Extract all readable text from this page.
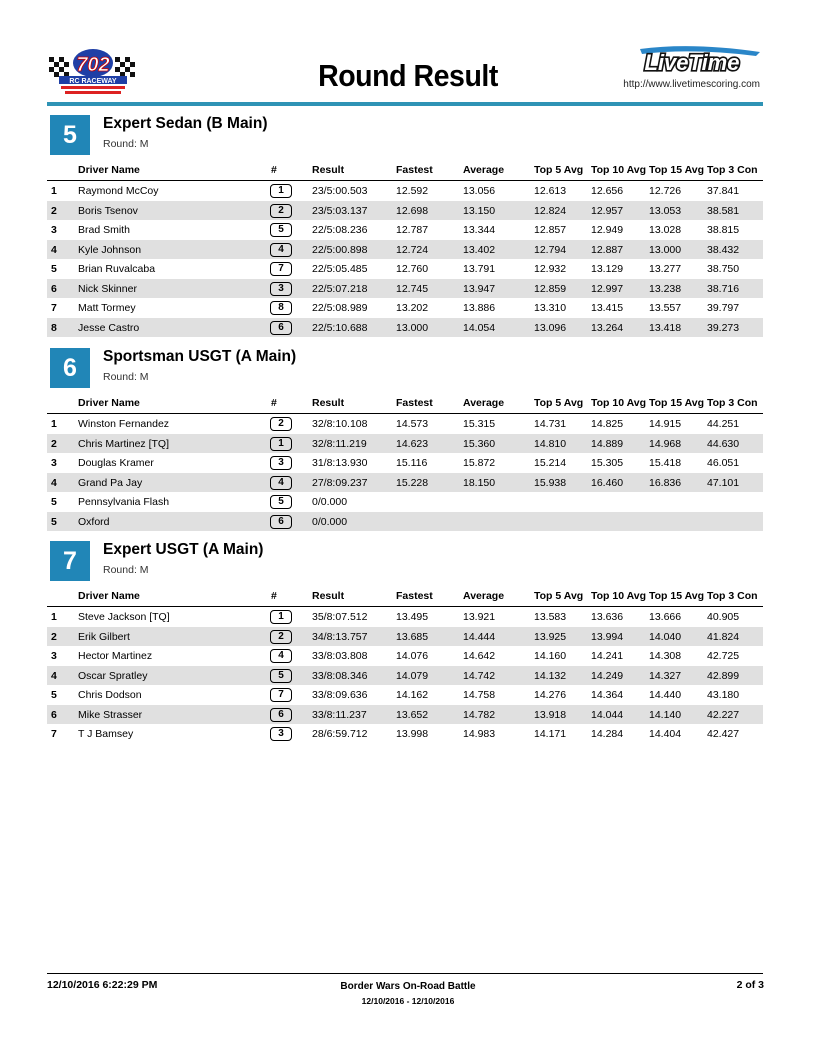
702
RC RACEWAY	Round Result	LiveTime
http://www.livetimescoring.com
5	Expert Sedan (B Main)
Round: M
Driver Name	#	Result	Fastest	Average	Top 5 Avg Top 10 Avg Top 15 Avg Top 3 Con
1 Raymond McCoy	1	23/5:00.503	12.592	13.056	12.613 12.656 12.726 37.841
2 Boris Tsenov	2	23/5:03.137	12.698	13.150	12.824 12.957 13.053 38.581
3 Brad Smith	5	22/5:08.236	12.787	13.344	12.857 12.949 13.028 38.815
4 Kyle Johnson	4	22/5:00.898	12.724	13.402	12.794 12.887 13.000 38.432
5 Brian Ruvalcaba	7	22/5:05.485	12.760	13.791	12.932 13.129 13.277 38.750
6 Nick Skinner	3	22/5:07.218	12.745	13.947	12.859 12.997 13.238 38.716
7 Matt Tormey	8	22/5:08.989	13.202	13.886	13.310 13.415 13.557 39.797
8 Jesse Castro	6	22/5:10.688	13.000	14.054	13.096 13.264 13.418 39.273
6	Sportsman USGT (A Main)
Round: M
Driver Name	#	Result	Fastest	Average	Top 5 Avg Top 10 Avg Top 15 Avg Top 3 Con
1 Winston Fernandez	2	32/8:10.108	14.573	15.315	14.731 14.825 14.915 44.251
2 Chris Martinez [TQ]	1	32/8:11.219	14.623	15.360	14.810 14.889 14.968 44.630
3 Douglas Kramer	3	31/8:13.930	15.116	15.872	15.214 15.305 15.418 46.051
4 Grand Pa Jay	4	27/8:09.237	15.228	18.150	15.938 16.460 16.836 47.101
5 Pennsylvania Flash	5	0/0.000
5 Oxford	6	0/0.000
7	Expert USGT (A Main)
Round: M
Driver Name	#	Result	Fastest	Average	Top 5 Avg Top 10 Avg Top 15 Avg Top 3 Con
1 Steve Jackson [TQ]	1	35/8:07.512	13.495	13.921	13.583 13.636 13.666 40.905
2 Erik Gilbert	2	34/8:13.757	13.685	14.444	13.925 13.994 14.040 41.824
3 Hector Martinez	4	33/8:03.808	14.076	14.642	14.160 14.241 14.308 42.725
4 Oscar Spratley	5	33/8:08.346	14.079	14.742	14.132 14.249 14.327 42.899
5 Chris Dodson	7	33/8:09.636	14.162	14.758	14.276 14.364 14.440 43.180
6 Mike Strasser	6	33/8:11.237	13.652	14.782	13.918 14.044 14.140 42.227
7 T J Bamsey	3	28/6:59.712	13.998	14.983	14.171 14.284 14.404 42.427
12/10/2016 6:22:29 PM	Border Wars On-Road Battle
12/10/2016 - 12/10/2016
2 of 3
